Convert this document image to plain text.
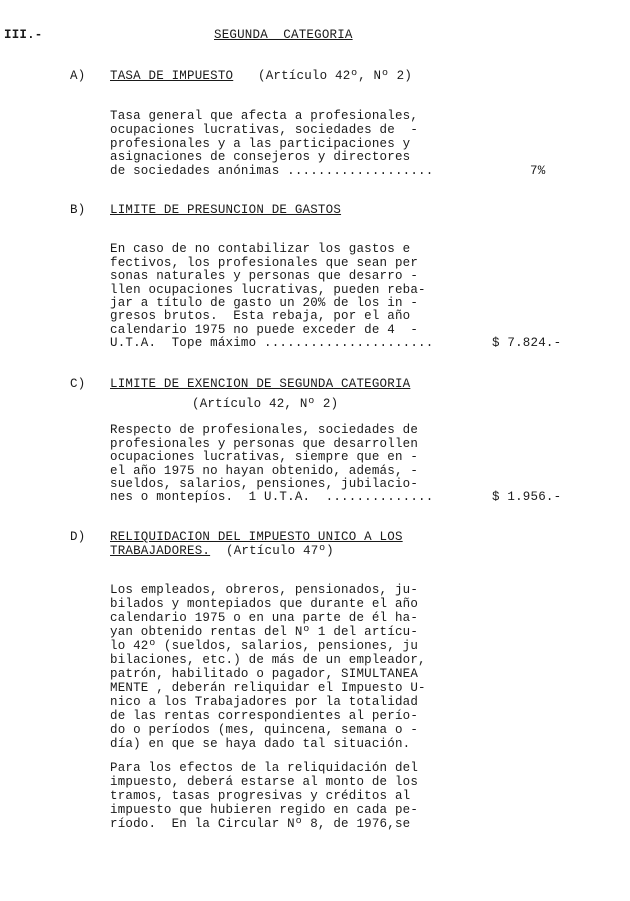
III.-	SEGUNDA  CATEGORIA
A) TASA DE IMPUESTO (Artículo 42º, Nº 2)
Tasa general que afecta a profesionales,
ocupaciones lucrativas, sociedades de  -
profesionales y a las participaciones y
asignaciones de consejeros y directores
de sociedades anónimas ...................	7%
B) LIMITE DE PRESUNCION DE GASTOS
En caso de no contabilizar los gastos e
fectivos, los profesionales que sean per
sonas naturales y personas que desarro -
llen ocupaciones lucrativas, pueden reba-
jar a título de gasto un 20% de los in -
gresos brutos.  Esta rebaja, por el año
calendario 1975 no puede exceder de 4  -
U.T.A.  Tope máximo ......................	$ 7.824.-
C) LIMITE DE EXENCION DE SEGUNDA CATEGORIA
(Artículo 42, Nº 2)
Respecto de profesionales, sociedades de
profesionales y personas que desarrollen
ocupaciones lucrativas, siempre que en -
el año 1975 no hayan obtenido, además, -
sueldos, salarios, pensiones, jubilacio-
nes o montepíos.  1 U.T.A.  ..............	$ 1.956.-
D) RELIQUIDACION DEL IMPUESTO UNICO A LOS
TRABAJADORES. (Artículo 47º)
Los empleados, obreros, pensionados, ju-
bilados y montepiados que durante el año
calendario 1975 o en una parte de él ha-
yan obtenido rentas del Nº 1 del artícu-
lo 42º (sueldos, salarios, pensiones, ju
bilaciones, etc.) de más de un empleador,
patrón, habilitado o pagador, SIMULTANEA
MENTE , deberán reliquidar el Impuesto U-
nico a los Trabajadores por la totalidad
de las rentas correspondientes al perío-
do o períodos (mes, quincena, semana o -
día) en que se haya dado tal situación.
Para los efectos de la reliquidación del
impuesto, deberá estarse al monto de los
tramos, tasas progresivas y créditos al
impuesto que hubieren regido en cada pe-
ríodo.  En la Circular Nº 8, de 1976,se
